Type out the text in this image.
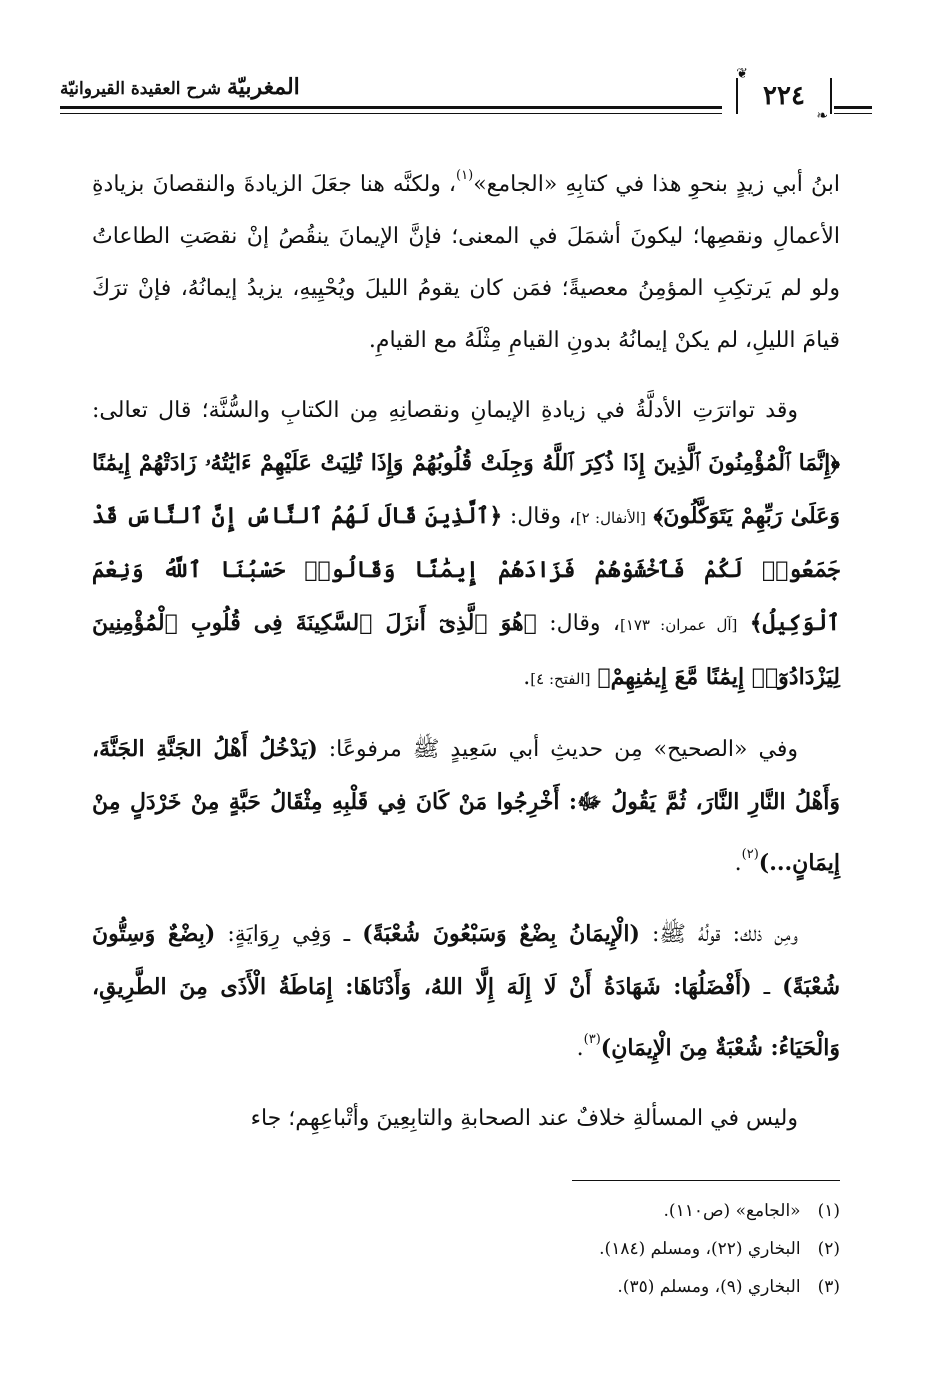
المغربيّة شرح العقيدة القيروانيّة	٢٢٤
❦
❧

ابنُ أبي زيدٍ بنحوِ هذا في كتابِهِ «الجامع»$^{(١)}$، ولكنَّه هنا جعَلَ الزيادةَ والنقصانَ بزيادةِ الأعمالِ ونقصِها؛ ليكونَ أشمَلَ في المعنى؛ فإنَّ الإيمانَ ينقُصُ إنْ نقصَتِ الطاعاتُ ولو لم يَرتكِبِ المؤمِنُ معصيةً؛ فمَن كان يقومُ الليلَ ويُحْيِيهِ، يزيدُ إيمانُهُ، فإنْ ترَكَ قيامَ الليلِ، لم يكنْ إيمانُهُ بدونِ القيامِ مِثْلَهُ مع القيامِ.

وقد تواترَتِ الأدلَّةُ في زيادةِ الإيمانِ ونقصانِهِ مِن الكتابِ والسُّنَّة؛ قال تعالى: ﴿إِنَّمَا ٱلْمُؤْمِنُونَ ٱلَّذِينَ إِذَا ذُكِرَ ٱللَّهُ وَجِلَتْ قُلُوبُهُمْ وَإِذَا تُلِيَتْ عَلَيْهِمْ ءَايَٰتُهُۥ زَادَتْهُمْ إِيمَٰنًا وَعَلَىٰ رَبِّهِمْ يَتَوَكَّلُونَ﴾ [الأنفال: ٢]، وقال: ﴿ٱلَّذِينَ قَالَ لَهُمُ ٱلنَّاسُ إِنَّ ٱلنَّاسَ قَدْ جَمَعُوا۟ لَكُمْ فَٱخْشَوْهُمْ فَزَادَهُمْ إِيمَٰنًا وَقَالُوا۟ حَسْبُنَا ٱللَّهُ وَنِعْمَ ٱلْوَكِيلُ﴾ [آل عمران: ١٧٣]، وقال: ﴿هُوَ ٱلَّذِىٓ أَنزَلَ ٱلسَّكِينَةَ فِى قُلُوبِ ٱلْمُؤْمِنِينَ لِيَزْدَادُوٓا۟ إِيمَٰنًا مَّعَ إِيمَٰنِهِمْ﴾ [الفتح: ٤].

وفي «الصحيح» مِن حديثِ أبي سَعِيدٍ ﷺ مرفوعًا: (يَدْخُلُ أَهْلُ الجَنَّةِ الجَنَّةَ، وَأَهْلُ النَّارِ النَّارَ، ثُمَّ يَقُولُ ﷻ: أَخْرِجُوا مَنْ كَانَ فِي قَلْبِهِ مِثْقَالُ حَبَّةٍ مِنْ خَرْدَلٍ مِنْ إِيمَانٍ...)$^{(٢)}$.

ومِن ذلك: قولُهُ ﷺ: (الْإِيمَانُ بِضْعٌ وَسَبْعُونَ شُعْبَةً) ـ وَفِي رِوَايَةٍ: (بِضْعٌ وَسِتُّونَ شُعْبَةً) ـ (أَفْضَلُهَا: شَهَادَةُ أَنْ لَا إِلَهَ إِلَّا اللهُ، وَأَدْنَاهَا: إِمَاطَةُ الْأَذَى مِنَ الطَّرِيقِ، وَالْحَيَاءُ: شُعْبَةٌ مِنَ الْإِيمَانِ)$^{(٣)}$.

وليس في المسألةِ خلافٌ عند الصحابةِ والتابِعِينَ وأتْباعِهِم؛ جاء

(١) «الجامع» (ص١١٠).
(٢) البخاري (٢٢)، ومسلم (١٨٤).
(٣) البخاري (٩)، ومسلم (٣٥).
